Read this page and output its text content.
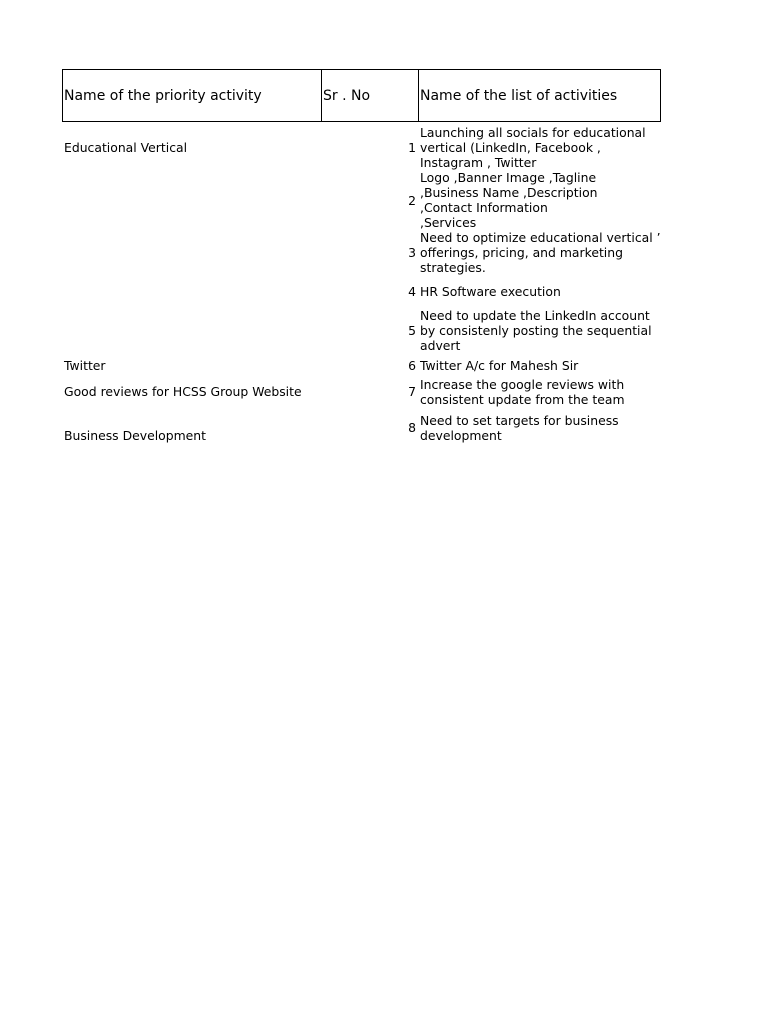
Name of the priority activity	Sr . No	Name of the list of activities
Educational Vertical
Twitter
Good reviews for HCSS Group Website
Business Development
1
Launching all socials for educational vertical (LinkedIn, Facebook , Instagram , Twitter
2
Logo ,Banner Image ,Tagline ,Business Name ,Description ,Contact Information ,Services
3
Need to optimize educational vertical ’ offerings, pricing, and marketing strategies.
4 HR Software execution
5
Need to update the LinkedIn account by consistenly posting the sequential advert
6 Twitter A/c for Mahesh Sir
7 Increase the google reviews with consistent update from the team
8 Need to set targets for business development
